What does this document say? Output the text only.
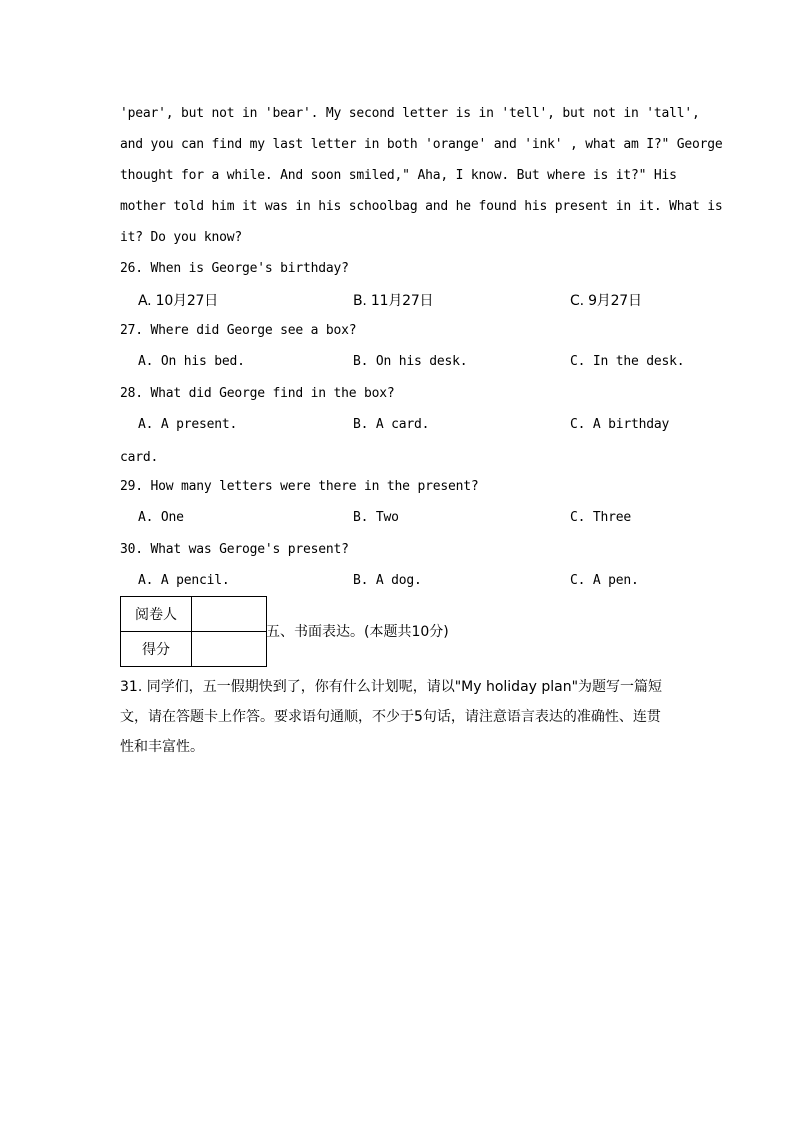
'pear', but not in 'bear'. My second letter is in 'tell', but not in 'tall',
and you can find my last letter in both 'orange' and 'ink' , what am I?" George
thought for a while. And soon smiled," Aha, I know. But where is it?" His
mother told him it was in his schoolbag and he found his present in it. What is
it? Do you know?
26. When is George's birthday?
A. 10月27日	B. 11月27日	C. 9月27日
27. Where did George see a box?
A. On his bed.	B. On his desk.	C. In the desk.
28. What did George find in the box?
A. A present.	B. A card.	C. A birthday
card.
29. How many letters were there in the present?
A. One	B. Two	C. Three
30. What was Geroge's present?
A. A pencil.	B. A dog.	C. A pen.
阅卷人	
得分	
五、书面表达。(本题共10分)
31. 同学们，五一假期快到了，你有什么计划呢，请以"My holiday plan"为题写一篇短
文，请在答题卡上作答。要求语句通顺，不少于5句话，请注意语言表达的准确性、连贯
性和丰富性。
